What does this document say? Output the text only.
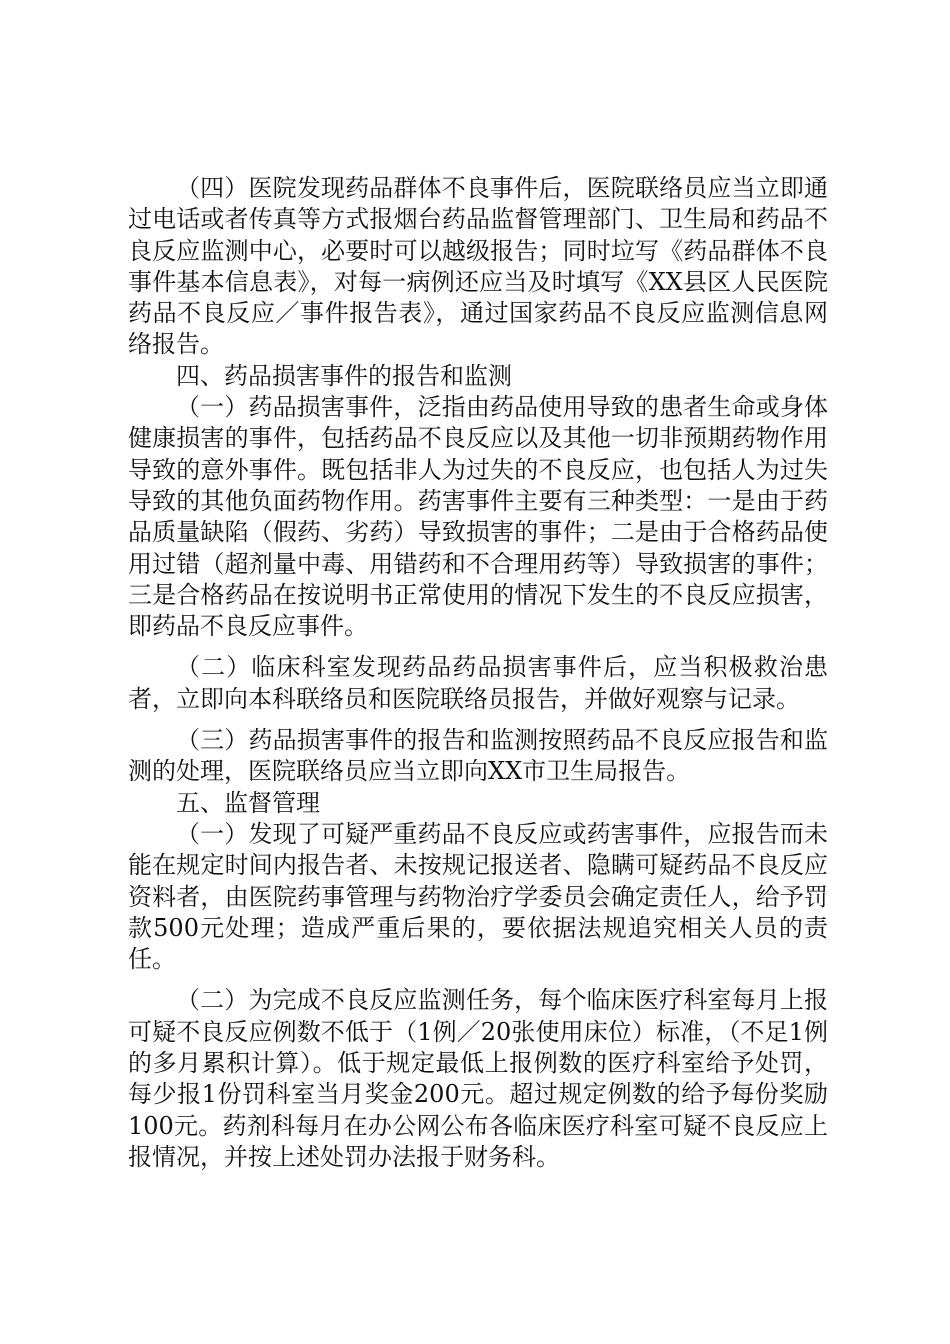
（四）医院发现药品群体不良事件后，医院联络员应当立即通过电话或者传真等方式报烟台药品监督管理部门、卫生局和药品不良反应监测中心，必要时可以越级报告；同时垃写《药品群体不良事件基本信息表》，对每一病例还应当及时填写《XX县区人民医院药品不良反应／事件报告表》，通过国家药品不良反应监测信息网络报告。

四、药品损害事件的报告和监测

（一）药品损害事件，泛指由药品使用导致的患者生命或身体健康损害的事件，包括药品不良反应以及其他一切非预期药物作用导致的意外事件。既包括非人为过失的不良反应，也包括人为过失导致的其他负面药物作用。药害事件主要有三种类型：一是由于药品质量缺陷（假药、劣药）导致损害的事件；二是由于合格药品使用过错（超剂量中毒、用错药和不合理用药等）导致损害的事件；三是合格药品在按说明书正常使用的情况下发生的不良反应损害，即药品不良反应事件。

（二）临床科室发现药品药品损害事件后，应当积极救治患者，立即向本科联络员和医院联络员报告，并做好观察与记录。

（三）药品损害事件的报告和监测按照药品不良反应报告和监测的处理，医院联络员应当立即向XX市卫生局报告。

五、监督管理

（一）发现了可疑严重药品不良反应或药害事件，应报告而未能在规定时间内报告者、未按规记报送者、隐瞒可疑药品不良反应资料者，由医院药事管理与药物治疗学委员会确定责任人，给予罚款500元处理；造成严重后果的，要依据法规追究相关人员的责任。

（二）为完成不良反应监测任务，每个临床医疗科室每月上报可疑不良反应例数不低于（1例／20张使用床位）标准，（不足1例的多月累积计算）。低于规定最低上报例数的医疗科室给予处罚，每少报1份罚科室当月奖金200元。超过规定例数的给予每份奖励100元。药剂科每月在办公网公布各临床医疗科室可疑不良反应上报情况，并按上述处罚办法报于财务科。
